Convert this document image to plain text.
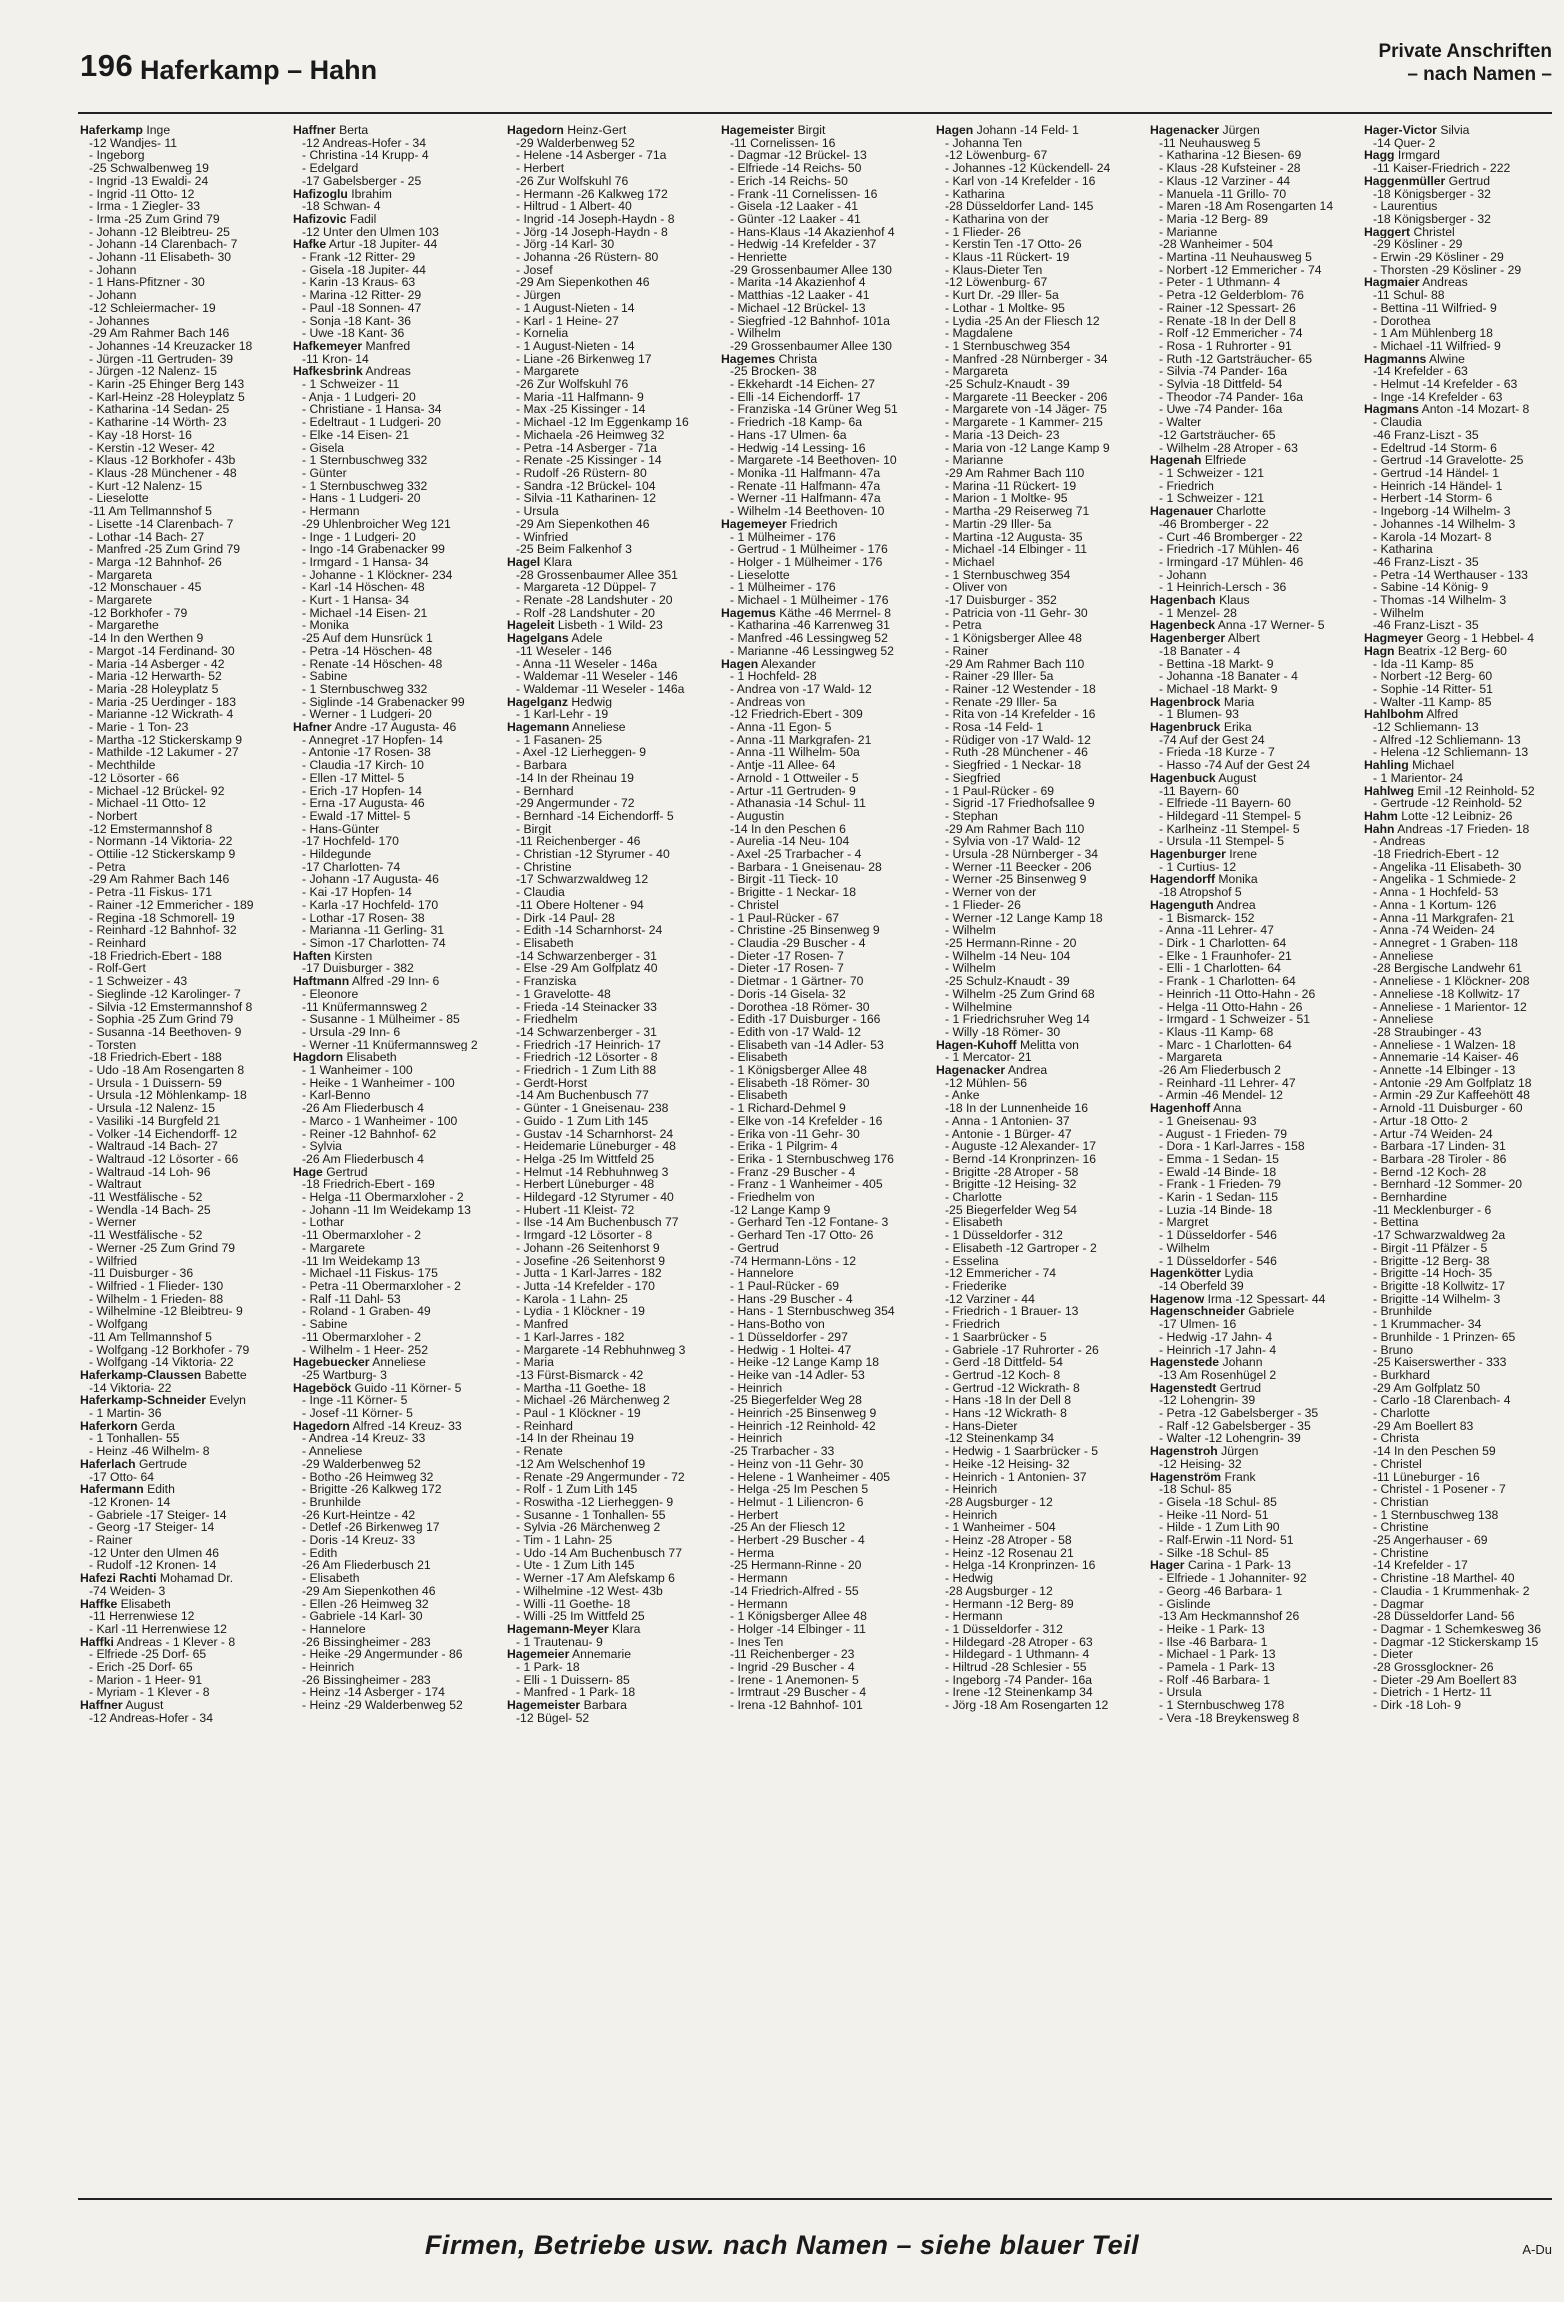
196 Haferkamp – Hahn
Private Anschriften
– nach Namen –
Haferkamp Inge
-12 Wandjes- 11
- Ingeborg
-25 Schwalbenweg 19
- Ingrid -13 Ewaldi- 24
- Ingrid -11 Otto- 12
- Irma - 1 Ziegler- 33
- Irma -25 Zum Grind 79
- Johann -12 Bleibtreu- 25
- Johann -14 Clarenbach- 7
- Johann -11 Elisabeth- 30
- Johann
- 1 Hans-Pfitzner - 30
- Johann
-12 Schleiermacher- 19
- Johannes
-29 Am Rahmer Bach 146
- Johannes -14 Kreuzacker 18
- Jürgen -11 Gertruden- 39
- Jürgen -12 Nalenz- 15
- Karin -25 Ehinger Berg 143
- Karl-Heinz -28 Holeyplatz 5
- Katharina -14 Sedan- 25
- Katharine -14 Wörth- 23
- Kay -18 Horst- 16
- Kerstin -12 Weser- 42
- Klaus -12 Borkhofer - 43b
- Klaus -28 Münchener - 48
- Kurt -12 Nalenz- 15
- Lieselotte
-11 Am Tellmannshof 5
- Lisette -14 Clarenbach- 7
- Lothar -14 Bach- 27
- Manfred -25 Zum Grind 79
- Marga -12 Bahnhof- 26
- Margareta
-12 Monschauer - 45
- Margarete
-12 Borkhofer - 79
- Margarethe
-14 In den Werthen 9
- Margot -14 Ferdinand- 30
- Maria -14 Asberger - 42
- Maria -12 Herwarth- 52
- Maria -28 Holeyplatz 5
- Maria -25 Uerdinger - 183
- Marianne -12 Wickrath- 4
- Marie - 1 Ton- 23
- Martha -12 Stickerskamp 9
- Mathilde -12 Lakumer - 27
- Mechthilde
-12 Lösorter - 66
- Michael -12 Brückel- 92
- Michael -11 Otto- 12
- Norbert
-12 Emstermannshof 8
- Normann -14 Viktoria- 22
- Ottilie -12 Stickerskamp 9
- Petra
-29 Am Rahmer Bach 146
- Petra -11 Fiskus- 171
- Rainer -12 Emmericher - 189
- Regina -18 Schmorell- 19
- Reinhard -12 Bahnhof- 32
- Reinhard
-18 Friedrich-Ebert - 188
- Rolf-Gert
- 1 Schweizer - 43
- Sieglinde -12 Karolinger- 7
- Silvia -12 Emstermannshof 8
- Sophia -25 Zum Grind 79
- Susanna -14 Beethoven- 9
- Torsten
-18 Friedrich-Ebert - 188
- Udo -18 Am Rosengarten 8
- Ursula - 1 Duissern- 59
- Ursula -12 Möhlenkamp- 18
- Ursula -12 Nalenz- 15
- Vasiliki -14 Burgfeld 21
- Volker -14 Eichendorff- 12
- Waltraud -14 Bach- 27
- Waltraud -12 Lösorter - 66
- Waltraud -14 Loh- 96
- Waltraut
-11 Westfälische - 52
- Wendla -14 Bach- 25
- Werner
-11 Westfälische - 52
- Werner -25 Zum Grind 79
- Wilfried
-11 Duisburger - 36
- Wilfried - 1 Flieder- 130
- Wilhelm - 1 Frieden- 88
- Wilhelmine -12 Bleibtreu- 9
- Wolfgang
-11 Am Tellmannshof 5
- Wolfgang -12 Borkhofer - 79
- Wolfgang -14 Viktoria- 22
Haferkamp-Claussen Babette
-14 Viktoria- 22
Haferkamp-Schneider Evelyn
- 1 Martin- 36
Haferkorn Gerda
- 1 Tonhallen- 55
- Heinz -46 Wilhelm- 8
Haferlach Gertrude
-17 Otto- 64
Hafermann Edith
-12 Kronen- 14
- Gabriele -17 Steiger- 14
- Georg -17 Steiger- 14
- Rainer
-12 Unter den Ulmen 46
- Rudolf -12 Kronen- 14
Hafezi Rachti Mohamad Dr.
-74 Weiden- 3
Haffke Elisabeth
-11 Herrenwiese 12
- Karl -11 Herrenwiese 12
Haffki Andreas - 1 Klever - 8
- Elfriede -25 Dorf- 65
- Erich -25 Dorf- 65
- Marion - 1 Heer- 91
- Myriam - 1 Klever - 8
Haffner August
-12 Andreas-Hofer - 34
Haffner Berta
-12 Andreas-Hofer - 34
- Christina -14 Krupp- 4
- Edelgard
-17 Gabelsberger - 25
Hafizoglu Ibrahim
-18 Schwan- 4
Hafizovic Fadil
-12 Unter den Ulmen 103
Hafke Artur -18 Jupiter- 44
- Frank -12 Ritter- 29
- Gisela -18 Jupiter- 44
- Karin -13 Kraus- 63
- Marina -12 Ritter- 29
- Paul -18 Sonnen- 47
- Sonja -18 Kant- 36
- Uwe -18 Kant- 36
Hafkemeyer Manfred
-11 Kron- 14
Hafkesbrink Andreas
- 1 Schweizer - 11
- Anja - 1 Ludgeri- 20
- Christiane - 1 Hansa- 34
- Edeltraut - 1 Ludgeri- 20
- Elke -14 Eisen- 21
- Gisela
- 1 Sternbuschweg 332
- Günter
- 1 Sternbuschweg 332
- Hans - 1 Ludgeri- 20
- Hermann
-29 Uhlenbroicher Weg 121
- Inge - 1 Ludgeri- 20
- Ingo -14 Grabenacker 99
- Irmgard - 1 Hansa- 34
- Johanne - 1 Klöckner- 234
- Karl -14 Höschen- 48
- Kurt - 1 Hansa- 34
- Michael -14 Eisen- 21
- Monika
-25 Auf dem Hunsrück 1
- Petra -14 Höschen- 48
- Renate -14 Höschen- 48
- Sabine
- 1 Sternbuschweg 332
- Siglinde -14 Grabenacker 99
- Werner - 1 Ludgeri- 20
Hafner Andre -17 Augusta- 46
- Annegret -17 Hopfen- 14
- Antonie -17 Rosen- 38
- Claudia -17 Kirch- 10
- Ellen -17 Mittel- 5
- Erich -17 Hopfen- 14
- Erna -17 Augusta- 46
- Ewald -17 Mittel- 5
- Hans-Günter
-17 Hochfeld- 170
- Hildegunde
-17 Charlotten- 74
- Johann -17 Augusta- 46
- Kai -17 Hopfen- 14
- Karla -17 Hochfeld- 170
- Lothar -17 Rosen- 38
- Marianna -11 Gerling- 31
- Simon -17 Charlotten- 74
Haften Kirsten
-17 Duisburger - 382
Haftmann Alfred -29 Inn- 6
- Eleonore
-11 Knüfermannsweg 2
- Susanne - 1 Mülheimer - 85
- Ursula -29 Inn- 6
- Werner -11 Knüfermannsweg 2
Hagdorn Elisabeth
- 1 Wanheimer - 100
- Heike - 1 Wanheimer - 100
- Karl-Benno
-26 Am Fliederbusch 4
- Marco - 1 Wanheimer - 100
- Reiner -12 Bahnhof- 62
- Sylvia
-26 Am Fliederbusch 4
Hage Gertrud
-18 Friedrich-Ebert - 169
- Helga -11 Obermarxloher - 2
- Johann -11 Im Weidekamp 13
- Lothar
-11 Obermarxloher - 2
- Margarete
-11 Im Weidekamp 13
- Michael -11 Fiskus- 175
- Petra -11 Obermarxloher - 2
- Ralf -11 Dahl- 53
- Roland - 1 Graben- 49
- Sabine
-11 Obermarxloher - 2
- Wilhelm - 1 Heer- 252
Hagebuecker Anneliese
-25 Wartburg- 3
Hageböck Guido -11 Körner- 5
- Inge -11 Körner- 5
- Josef -11 Körner- 5
Hagedorn Alfred -14 Kreuz- 33
- Andrea -14 Kreuz- 33
- Anneliese
-29 Walderbenweg 52
- Botho -26 Heimweg 32
- Brigitte -26 Kalkweg 172
- Brunhilde
-26 Kurt-Heintze - 42
- Detlef -26 Birkenweg 17
- Doris -14 Kreuz- 33
- Edith
-26 Am Fliederbusch 21
- Elisabeth
-29 Am Siepenkothen 46
- Ellen -26 Heimweg 32
- Gabriele -14 Karl- 30
- Hannelore
-26 Bissingheimer - 283
- Heike -29 Angermunder - 86
- Heinrich
-26 Bissingheimer - 283
- Heinz -14 Asberger - 174
- Heinz -29 Walderbenweg 52
Hagedorn Heinz-Gert
-29 Walderbenweg 52
- Helene -14 Asberger - 71a
- Herbert
-26 Zur Wolfskuhl 76
- Hermann -26 Kalkweg 172
- Hiltrud - 1 Albert- 40
- Ingrid -14 Joseph-Haydn - 8
- Jörg -14 Joseph-Haydn - 8
- Jörg -14 Karl- 30
- Johanna -26 Rüstern- 80
- Josef
-29 Am Siepenkothen 46
- Jürgen
- 1 August-Nieten - 14
- Karl - 1 Heine- 27
- Kornelia
- 1 August-Nieten - 14
- Liane -26 Birkenweg 17
- Margarete
-26 Zur Wolfskuhl 76
- Maria -11 Halfmann- 9
- Max -25 Kissinger - 14
- Michael -12 Im Eggenkamp 16
- Michaela -26 Heimweg 32
- Petra -14 Asberger - 71a
- Renate -25 Kissinger - 14
- Rudolf -26 Rüstern- 80
- Sandra -12 Brückel- 104
- Silvia -11 Katharinen- 12
- Ursula
-29 Am Siepenkothen 46
- Winfried
-25 Beim Falkenhof 3
Hagel Klara
-28 Grossenbaumer Allee 351
- Margareta -12 Düppel- 7
- Renate -28 Landshuter - 20
- Rolf -28 Landshuter - 20
Hageleit Lisbeth - 1 Wild- 23
Hagelgans Adele
-11 Weseler - 146
- Anna -11 Weseler - 146a
- Waldemar -11 Weseler - 146
- Waldemar -11 Weseler - 146a
Hagelganz Hedwig
- 1 Karl-Lehr - 19
Hagemann Anneliese
- 1 Fasanen- 25
- Axel -12 Lierheggen- 9
- Barbara
-14 In der Rheinau 19
- Bernhard
-29 Angermunder - 72
- Bernhard -14 Eichendorff- 5
- Birgit
-11 Reichenberger - 46
- Christian -12 Styrumer - 40
- Christine
-17 Schwarzwaldweg 12
- Claudia
-11 Obere Holtener - 94
- Dirk -14 Paul- 28
- Edith -14 Scharnhorst- 24
- Elisabeth
-14 Schwarzenberger - 31
- Else -29 Am Golfplatz 40
- Franziska
- 1 Gravelotte- 48
- Frieda -14 Steinacker 33
- Friedhelm
-14 Schwarzenberger - 31
- Friedrich -17 Heinrich- 17
- Friedrich -12 Lösorter - 8
- Friedrich - 1 Zum Lith 88
- Gerdt-Horst
-14 Am Buchenbusch 77
- Günter - 1 Gneisenau- 238
- Guido - 1 Zum Lith 145
- Gustav -14 Scharnhorst- 24
- Heidemarie Lüneburger - 48
- Helga -25 Im Wittfeld 25
- Helmut -14 Rebhuhnweg 3
- Herbert Lüneburger - 48
- Hildegard -12 Styrumer - 40
- Hubert -11 Kleist- 72
- Ilse -14 Am Buchenbusch 77
- Irmgard -12 Lösorter - 8
- Johann -26 Seitenhorst 9
- Josefine -26 Seitenhorst 9
- Jutta - 1 Karl-Jarres - 182
- Jutta -14 Krefelder - 170
- Karola - 1 Lahn- 25
- Lydia - 1 Klöckner - 19
- Manfred
- 1 Karl-Jarres - 182
- Margarete -14 Rebhuhnweg 3
- Maria
-13 Fürst-Bismarck - 42
- Martha -11 Goethe- 18
- Michael -26 Märchenweg 2
- Paul - 1 Klöckner - 19
- Reinhard
-14 In der Rheinau 19
- Renate
-12 Am Welschenhof 19
- Renate -29 Angermunder - 72
- Rolf - 1 Zum Lith 145
- Roswitha -12 Lierheggen- 9
- Susanne - 1 Tonhallen- 55
- Sylvia -26 Märchenweg 2
- Tim - 1 Lahn- 25
- Udo -14 Am Buchenbusch 77
- Ute - 1 Zum Lith 145
- Werner -17 Am Alefskamp 6
- Wilhelmine -12 West- 43b
- Willi -11 Goethe- 18
- Willi -25 Im Wittfeld 25
Hagemann-Meyer Klara
- 1 Trautenau- 9
Hagemeier Annemarie
- 1 Park- 18
- Elli - 1 Duissern- 85
- Manfred - 1 Park- 18
Hagemeister Barbara
-12 Bügel- 52
Hagemeister Birgit
-11 Cornelissen- 16
- Dagmar -12 Brückel- 13
- Elfriede -14 Reichs- 50
- Erich -14 Reichs- 50
- Frank -11 Cornelissen- 16
- Gisela -12 Laaker - 41
- Günter -12 Laaker - 41
- Hans-Klaus -14 Akazienhof 4
- Hedwig -14 Krefelder - 37
- Henriette
-29 Grossenbaumer Allee 130
- Marita -14 Akazienhof 4
- Matthias -12 Laaker - 41
- Michael -12 Brückel- 13
- Siegfried -12 Bahnhof- 101a
- Wilhelm
-29 Grossenbaumer Allee 130
Hagemes Christa
-25 Brocken- 38
- Ekkehardt -14 Eichen- 27
- Elli -14 Eichendorff- 17
- Franziska -14 Grüner Weg 51
- Friedrich -18 Kamp- 6a
- Hans -17 Ulmen- 6a
- Hedwig -14 Lessing- 16
- Margarete -14 Beethoven- 10
- Monika -11 Halfmann- 47a
- Renate -11 Halfmann- 47a
- Werner -11 Halfmann- 47a
- Wilhelm -14 Beethoven- 10
Hagemeyer Friedrich
- 1 Mülheimer - 176
- Gertrud - 1 Mülheimer - 176
- Holger - 1 Mülheimer - 176
- Lieselotte
- 1 Mülheimer - 176
- Michael - 1 Mülheimer - 176
Hagemus Käthe -46 Merrnel- 8
- Katharina -46 Karrenweg 31
- Manfred -46 Lessingweg 52
- Marianne -46 Lessingweg 52
Hagen Alexander
- 1 Hochfeld- 28
- Andrea von -17 Wald- 12
- Andreas von
-12 Friedrich-Ebert - 309
- Anna -11 Egon- 5
- Anna -11 Markgrafen- 21
- Anna -11 Wilhelm- 50a
- Antje -11 Allee- 64
- Arnold - 1 Ottweiler - 5
- Artur -11 Gertruden- 9
- Athanasia -14 Schul- 11
- Augustin
-14 In den Peschen 6
- Aurelia -14 Neu- 104
- Axel -25 Trarbacher - 4
- Barbara - 1 Gneisenau- 28
- Birgit -11 Tieck- 10
- Brigitte - 1 Neckar- 18
- Christel
- 1 Paul-Rücker - 67
- Christine -25 Binsenweg 9
- Claudia -29 Buscher - 4
- Dieter -17 Rosen- 7
- Dieter -17 Rosen- 7
- Dietmar - 1 Gärtner- 70
- Doris -14 Gisela- 32
- Dorothea -18 Römer- 30
- Edith -17 Duisburger - 166
- Edith von -17 Wald- 12
- Elisabeth van -14 Adler- 53
- Elisabeth
- 1 Königsberger Allee 48
- Elisabeth -18 Römer- 30
- Elisabeth
- 1 Richard-Dehmel 9
- Elke von -14 Krefelder - 16
- Erika von -11 Gehr- 30
- Erika - 1 Pilgrim- 4
- Erika - 1 Sternbuschweg 176
- Franz -29 Buscher - 4
- Franz - 1 Wanheimer - 405
- Friedhelm von
-12 Lange Kamp 9
- Gerhard Ten -12 Fontane- 3
- Gerhard Ten -17 Otto- 26
- Gertrud
-74 Hermann-Löns - 12
- Hannelore
- 1 Paul-Rücker - 69
- Hans -29 Buscher - 4
- Hans - 1 Sternbuschweg 354
- Hans-Botho von
- 1 Düsseldorfer - 297
- Hedwig - 1 Holtei- 47
- Heike -12 Lange Kamp 18
- Heike van -14 Adler- 53
- Heinrich
-25 Biegerfelder Weg 28
- Heinrich -25 Binsenweg 9
- Heinrich -12 Reinhold- 42
- Heinrich
-25 Trarbacher - 33
- Heinz von -11 Gehr- 30
- Helene - 1 Wanheimer - 405
- Helga -25 Im Peschen 5
- Helmut - 1 Liliencron- 6
- Herbert
-25 An der Fliesch 12
- Herbert -29 Buscher - 4
- Herma
-25 Hermann-Rinne - 20
- Hermann
-14 Friedrich-Alfred - 55
- Hermann
- 1 Königsberger Allee 48
- Holger -14 Elbinger - 11
- Ines Ten
-11 Reichenberger - 23
- Ingrid -29 Buscher - 4
- Irene - 1 Anemonen- 5
- Irmtraut -29 Buscher - 4
- Irena -12 Bahnhof- 101
Hagen Johann -14 Feld- 1
- Johanna Ten
-12 Löwenburg- 67
- Johannes -12 Kückendell- 24
- Karl von -14 Krefelder - 16
- Katharina
-28 Düsseldorfer Land- 145
- Katharina von der
- 1 Flieder- 26
- Kerstin Ten -17 Otto- 26
- Klaus -11 Rückert- 19
- Klaus-Dieter Ten
-12 Löwenburg- 67
- Kurt Dr. -29 Iller- 5a
- Lothar - 1 Moltke- 95
- Lydia -25 An der Fliesch 12
- Magdalene
- 1 Sternbuschweg 354
- Manfred -28 Nürnberger - 34
- Margareta
-25 Schulz-Knaudt - 39
- Margarete -11 Beecker - 206
- Margarete von -14 Jäger- 75
- Margarete - 1 Kammer- 215
- Maria -13 Deich- 23
- Maria von -12 Lange Kamp 9
- Marianne
-29 Am Rahmer Bach 110
- Marina -11 Rückert- 19
- Marion - 1 Moltke- 95
- Martha -29 Reiserweg 71
- Martin -29 Iller- 5a
- Martina -12 Augusta- 35
- Michael -14 Elbinger - 11
- Michael
- 1 Sternbuschweg 354
- Oliver von
-17 Duisburger - 352
- Patricia von -11 Gehr- 30
- Petra
- 1 Königsberger Allee 48
- Rainer
-29 Am Rahmer Bach 110
- Rainer -29 Iller- 5a
- Rainer -12 Westender - 18
- Renate -29 Iller- 5a
- Rita von -14 Krefelder - 16
- Rosa -14 Feld- 1
- Rüdiger von -17 Wald- 12
- Ruth -28 Münchener - 46
- Siegfried - 1 Neckar- 18
- Siegfried
- 1 Paul-Rücker - 69
- Sigrid -17 Friedhofsallee 9
- Stephan
-29 Am Rahmer Bach 110
- Sylvia von -17 Wald- 12
- Ursula -28 Nürnberger - 34
- Werner -11 Beecker - 206
- Werner -25 Binsenweg 9
- Werner von der
- 1 Flieder- 26
- Werner -12 Lange Kamp 18
- Wilhelm
-25 Hermann-Rinne - 20
- Wilhelm -14 Neu- 104
- Wilhelm
-25 Schulz-Knaudt - 39
- Wilhelm -25 Zum Grind 68
- Wilhelmine
- 1 Friedrichsruher Weg 14
- Willy -18 Römer- 30
Hagen-Kuhoff Melitta von
- 1 Mercator- 21
Hagenacker Andrea
-12 Mühlen- 56
- Anke
-18 In der Lunnenheide 16
- Anna - 1 Antonien- 37
- Antonie - 1 Bürger- 47
- Auguste -12 Alexander- 17
- Bernd -14 Kronprinzen- 16
- Brigitte -28 Atroper - 58
- Brigitte -12 Heising- 32
- Charlotte
-25 Biegerfelder Weg 54
- Elisabeth
- 1 Düsseldorfer - 312
- Elisabeth -12 Gartroper - 2
- Esselina
-12 Emmericher - 74
- Friederike
-12 Varziner - 44
- Friedrich - 1 Brauer- 13
- Friedrich
- 1 Saarbrücker - 5
- Gabriele -17 Ruhrorter - 26
- Gerd -18 Dittfeld- 54
- Gertrud -12 Koch- 8
- Gertrud -12 Wickrath- 8
- Hans -18 In der Dell 8
- Hans -12 Wickrath- 8
- Hans-Dieter
-12 Steinenkamp 34
- Hedwig - 1 Saarbrücker - 5
- Heike -12 Heising- 32
- Heinrich - 1 Antonien- 37
- Heinrich
-28 Augsburger - 12
- Heinrich
- 1 Wanheimer - 504
- Heinz -28 Atroper - 58
- Heinz -12 Rosenau 21
- Helga -14 Kronprinzen- 16
- Hedwig
-28 Augsburger - 12
- Hermann -12 Berg- 89
- Hermann
- 1 Düsseldorfer - 312
- Hildegard -28 Atroper - 63
- Hildegard - 1 Uthmann- 4
- Hiltrud -28 Schlesier - 55
- Ingeborg -74 Pander- 16a
- Irene -12 Steinenkamp 34
- Jörg -18 Am Rosengarten 12
Hagenacker Jürgen
-11 Neuhausweg 5
- Katharina -12 Biesen- 69
- Klaus -28 Kufsteiner - 28
- Klaus -12 Varziner - 44
- Manuela -11 Grillo- 70
- Maren -18 Am Rosengarten 14
- Maria -12 Berg- 89
- Marianne
-28 Wanheimer - 504
- Martina -11 Neuhausweg 5
- Norbert -12 Emmericher - 74
- Peter - 1 Uthmann- 4
- Petra -12 Gelderblom- 76
- Rainer -12 Spessart- 26
- Renate -18 In der Dell 8
- Rolf -12 Emmericher - 74
- Rosa - 1 Ruhrorter - 91
- Ruth -12 Gartsträucher- 65
- Silvia -74 Pander- 16a
- Sylvia -18 Dittfeld- 54
- Theodor -74 Pander- 16a
- Uwe -74 Pander- 16a
- Walter
-12 Gartsträucher- 65
- Wilhelm -28 Atroper - 63
Hagenah Elfriede
- 1 Schweizer - 121
- Friedrich
- 1 Schweizer - 121
Hagenauer Charlotte
-46 Bromberger - 22
- Curt -46 Bromberger - 22
- Friedrich -17 Mühlen- 46
- Irmingard -17 Mühlen- 46
- Johann
- 1 Heinrich-Lersch - 36
Hagenbach Klaus
- 1 Menzel- 28
Hagenbeck Anna -17 Werner- 5
Hagenberger Albert
-18 Banater - 4
- Bettina -18 Markt- 9
- Johanna -18 Banater - 4
- Michael -18 Markt- 9
Hagenbrock Maria
- 1 Blumen- 93
Hagenbruck Erika
-74 Auf der Gest 24
- Frieda -18 Kurze - 7
- Hasso -74 Auf der Gest 24
Hagenbuck August
-11 Bayern- 60
- Elfriede -11 Bayern- 60
- Hildegard -11 Stempel- 5
- Karlheinz -11 Stempel- 5
- Ursula -11 Stempel- 5
Hagenburger Irene
- 1 Curtius- 12
Hagendorff Monika
-18 Atropshof 5
Hagenguth Andrea
- 1 Bismarck- 152
- Anna -11 Lehrer- 47
- Dirk - 1 Charlotten- 64
- Elke - 1 Fraunhofer- 21
- Elli - 1 Charlotten- 64
- Frank - 1 Charlotten- 64
- Heinrich -11 Otto-Hahn - 26
- Helga -11 Otto-Hahn - 26
- Irmgard - 1 Schweizer - 51
- Klaus -11 Kamp- 68
- Marc - 1 Charlotten- 64
- Margareta
-26 Am Fliederbusch 2
- Reinhard -11 Lehrer- 47
- Armin -46 Mendel- 12
Hagenhoff Anna
- 1 Gneisenau- 93
- August - 1 Frieden- 79
- Dora - 1 Karl-Jarres - 158
- Emma - 1 Sedan- 15
- Ewald -14 Binde- 18
- Frank - 1 Frieden- 79
- Karin - 1 Sedan- 115
- Luzia -14 Binde- 18
- Margret
- 1 Düsseldorfer - 546
- Wilhelm
- 1 Düsseldorfer - 546
Hagenkötter Lydia
-14 Oberfeld 39
Hagenow Irma -12 Spessart- 44
Hagenschneider Gabriele
-17 Ulmen- 16
- Hedwig -17 Jahn- 4
- Heinrich -17 Jahn- 4
Hagenstede Johann
-13 Am Rosenhügel 2
Hagenstedt Gertrud
-12 Lohengrin- 39
- Petra -12 Gabelsberger - 35
- Ralf -12 Gabelsberger - 35
- Walter -12 Lohengrin- 39
Hagenstroh Jürgen
-12 Heising- 32
Hagenström Frank
-18 Schul- 85
- Gisela -18 Schul- 85
- Heike -11 Nord- 51
- Hilde - 1 Zum Lith 90
- Ralf-Erwin -11 Nord- 51
- Silke -18 Schul- 85
Hager Carina - 1 Park- 13
- Elfriede - 1 Johanniter- 92
- Georg -46 Barbara- 1
- Gislinde
-13 Am Heckmannshof 26
- Heike - 1 Park- 13
- Ilse -46 Barbara- 1
- Michael - 1 Park- 13
- Pamela - 1 Park- 13
- Rolf -46 Barbara- 1
- Ursula
- 1 Sternbuschweg 178
- Vera -18 Breykensweg 8
Hager-Victor Silvia
-14 Quer- 2
Hagg Irmgard
-11 Kaiser-Friedrich - 222
Haggenmüller Gertrud
-18 Königsberger - 32
- Laurentius
-18 Königsberger - 32
Haggert Christel
-29 Kösliner - 29
- Erwin -29 Kösliner - 29
- Thorsten -29 Kösliner - 29
Hagmaier Andreas
-11 Schul- 88
- Bettina -11 Wilfried- 9
- Dorothea
- 1 Am Mühlenberg 18
- Michael -11 Wilfried- 9
Hagmanns Alwine
-14 Krefelder - 63
- Helmut -14 Krefelder - 63
- Inge -14 Krefelder - 63
Hagmans Anton -14 Mozart- 8
- Claudia
-46 Franz-Liszt - 35
- Edeltrud -14 Storm- 6
- Gertrud -14 Gravelotte- 25
- Gertrud -14 Händel- 1
- Heinrich -14 Händel- 1
- Herbert -14 Storm- 6
- Ingeborg -14 Wilhelm- 3
- Johannes -14 Wilhelm- 3
- Karola -14 Mozart- 8
- Katharina
-46 Franz-Liszt - 35
- Petra -14 Werthauser - 133
- Sabine -14 König- 9
- Thomas -14 Wilhelm- 3
- Wilhelm
-46 Franz-Liszt - 35
Hagmeyer Georg - 1 Hebbel- 4
Hagn Beatrix -12 Berg- 60
- Ida -11 Kamp- 85
- Norbert -12 Berg- 60
- Sophie -14 Ritter- 51
- Walter -11 Kamp- 85
Hahlbohm Alfred
-12 Schliemann- 13
- Alfred -12 Schliemann- 13
- Helena -12 Schliemann- 13
Hahling Michael
- 1 Marientor- 24
Hahlweg Emil -12 Reinhold- 52
- Gertrude -12 Reinhold- 52
Hahm Lotte -12 Leibniz- 26
Hahn Andreas -17 Frieden- 18
- Andreas
-18 Friedrich-Ebert - 12
- Angelika -11 Elisabeth- 30
- Angelika - 1 Schmiede- 2
- Anna - 1 Hochfeld- 53
- Anna - 1 Kortum- 126
- Anna -11 Markgrafen- 21
- Anna -74 Weiden- 24
- Annegret - 1 Graben- 118
- Anneliese
-28 Bergische Landwehr 61
- Anneliese - 1 Klöckner- 208
- Anneliese -18 Kollwitz- 17
- Anneliese - 1 Marientor- 12
- Anneliese
-28 Straubinger - 43
- Anneliese - 1 Walzen- 18
- Annemarie -14 Kaiser- 46
- Annette -14 Elbinger - 13
- Antonie -29 Am Golfplatz 18
- Armin -29 Zur Kaffeehött 48
- Arnold -11 Duisburger - 60
- Artur -18 Otto- 2
- Artur -74 Weiden- 24
- Barbara -17 Linden- 31
- Barbara -28 Tiroler - 86
- Bernd -12 Koch- 28
- Bernhard -12 Sommer- 20
- Bernhardine
-11 Mecklenburger - 6
- Bettina
-17 Schwarzwaldweg 2a
- Birgit -11 Pfälzer - 5
- Brigitte -12 Berg- 38
- Brigitte -14 Hoch- 35
- Brigitte -18 Kollwitz- 17
- Brigitte -14 Wilhelm- 3
- Brunhilde
- 1 Krummacher- 34
- Brunhilde - 1 Prinzen- 65
- Bruno
-25 Kaiserswerther - 333
- Burkhard
-29 Am Golfplatz 50
- Carlo -18 Clarenbach- 4
- Charlotte
-29 Am Boellert 83
- Christa
-14 In den Peschen 59
- Christel
-11 Lüneburger - 16
- Christel - 1 Posener - 7
- Christian
- 1 Sternbuschweg 138
- Christine
-25 Angerhauser - 69
- Christine
-14 Krefelder - 17
- Christine -18 Marthel- 40
- Claudia - 1 Krummenhak- 2
- Dagmar
-28 Düsseldorfer Land- 56
- Dagmar - 1 Schemkesweg 36
- Dagmar -12 Stickerskamp 15
- Dieter
-28 Grossglockner- 26
- Dieter -29 Am Boellert 83
- Dietrich - 1 Hertz- 11
- Dirk -18 Loh- 9
Firmen, Betriebe usw. nach Namen – siehe blauer Teil	A-Du
